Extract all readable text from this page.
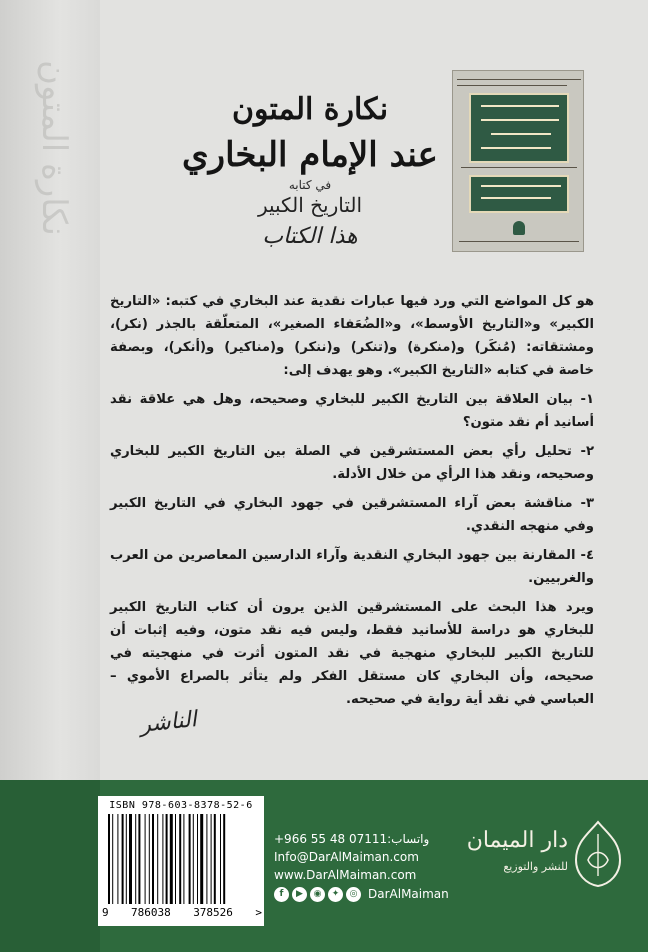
نكارة المتون	نكارة المتون
عند الإمام البخاري
في كتابه
التاريخ الكبير
هذا الكتاب

هو كل المواضع التي ورد فيها عبارات نقدية عند البخاري في كتبه: «التاريخ الكبير» و«التاريخ الأوسط»، و«الضُعَفاء الصغير»، المتعلّقة بالجذر (نكر)، ومشتقاته: (مُنكَر) و(منكرة) و(تنكر) و(ننكر) و(مناكير) و(أنكر)، وبصفة خاصة في كتابه «التاريخ الكبير». وهو يهدف إلى:

١- بيان العلاقة بين التاريخ الكبير للبخاري وصحيحه، وهل هي علاقة نقد أسانيد أم نقد متون؟

٢- تحليل رأي بعض المستشرقين في الصلة بين التاريخ الكبير للبخاري وصحيحه، ونقد هذا الرأي من خلال الأدلة.

٣- مناقشة بعض آراء المستشرقين في جهود البخاري في التاريخ الكبير وفي منهجه النقدي.

٤- المقارنة بين جهود البخاري النقدية وآراء الدارسين المعاصرين من العرب والغربيين.

ويرد هذا البحث على المستشرقين الذين يرون أن كتاب التاريخ الكبير للبخاري هو دراسة للأسانيد فقط، وليس فيه نقد متون، وفيه إثبات أن للتاريخ الكبير للبخاري منهجية في نقد المتون أثرت في منهجيته في صحيحه، وأن البخاري كان مستقل الفكر ولم يتأثر بالصراع الأموي – العباسي في نقد أية رواية في صحيحه.

الناشر
ISBN 978-603-8378-52-6
9 786038 378526 >
واتساب:+966 55 48 07111
Info@DarAlMaiman.com
www.DarAlMaiman.com
f	▶	◉	✦	◎ DarAlMaiman
دار الميمان
للنشر والتوزيع
